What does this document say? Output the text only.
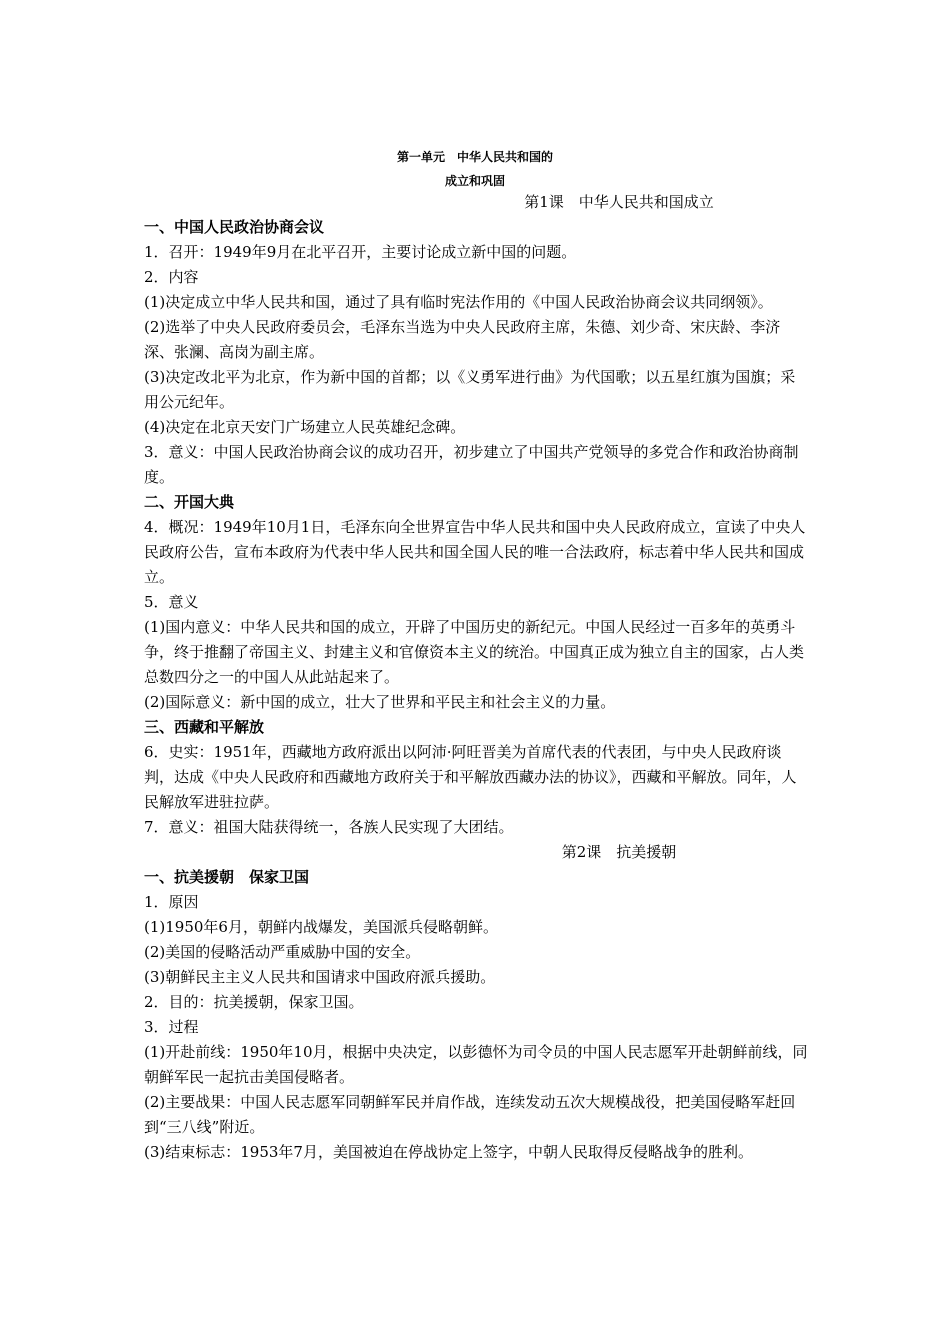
第一单元　中华人民共和国的
成立和巩固

第1课　中华人民共和国成立

一、中国人民政治协商会议

1．召开：1949年9月在北平召开，主要讨论成立新中国的问题。

2．内容

(1)决定成立中华人民共和国，通过了具有临时宪法作用的《中国人民政治协商会议共同纲领》。

(2)选举了中央人民政府委员会，毛泽东当选为中央人民政府主席，朱德、刘少奇、宋庆龄、李济深、张澜、高岗为副主席。

(3)决定改北平为北京，作为新中国的首都；以《义勇军进行曲》为代国歌；以五星红旗为国旗；采用公元纪年。

(4)决定在北京天安门广场建立人民英雄纪念碑。

3．意义：中国人民政治协商会议的成功召开，初步建立了中国共产党领导的多党合作和政治协商制度。

二、开国大典

4．概况：1949年10月1日，毛泽东向全世界宣告中华人民共和国中央人民政府成立，宣读了中央人民政府公告，宣布本政府为代表中华人民共和国全国人民的唯一合法政府，标志着中华人民共和国成立。

5．意义

(1)国内意义：中华人民共和国的成立，开辟了中国历史的新纪元。中国人民经过一百多年的英勇斗争，终于推翻了帝国主义、封建主义和官僚资本主义的统治。中国真正成为独立自主的国家，占人类总数四分之一的中国人从此站起来了。

(2)国际意义：新中国的成立，壮大了世界和平民主和社会主义的力量。

三、西藏和平解放

6．史实：1951年，西藏地方政府派出以阿沛·阿旺晋美为首席代表的代表团，与中央人民政府谈判，达成《中央人民政府和西藏地方政府关于和平解放西藏办法的协议》，西藏和平解放。同年，人民解放军进驻拉萨。

7．意义：祖国大陆获得统一，各族人民实现了大团结。

第2课　抗美援朝

一、抗美援朝　保家卫国

1．原因

(1)1950年6月，朝鲜内战爆发，美国派兵侵略朝鲜。

(2)美国的侵略活动严重威胁中国的安全。

(3)朝鲜民主主义人民共和国请求中国政府派兵援助。

2．目的：抗美援朝，保家卫国。

3．过程

(1)开赴前线：1950年10月，根据中央决定，以彭德怀为司令员的中国人民志愿军开赴朝鲜前线，同朝鲜军民一起抗击美国侵略者。

(2)主要战果：中国人民志愿军同朝鲜军民并肩作战，连续发动五次大规模战役，把美国侵略军赶回到“三八线”附近。

(3)结束标志：1953年7月，美国被迫在停战协定上签字，中朝人民取得反侵略战争的胜利。
